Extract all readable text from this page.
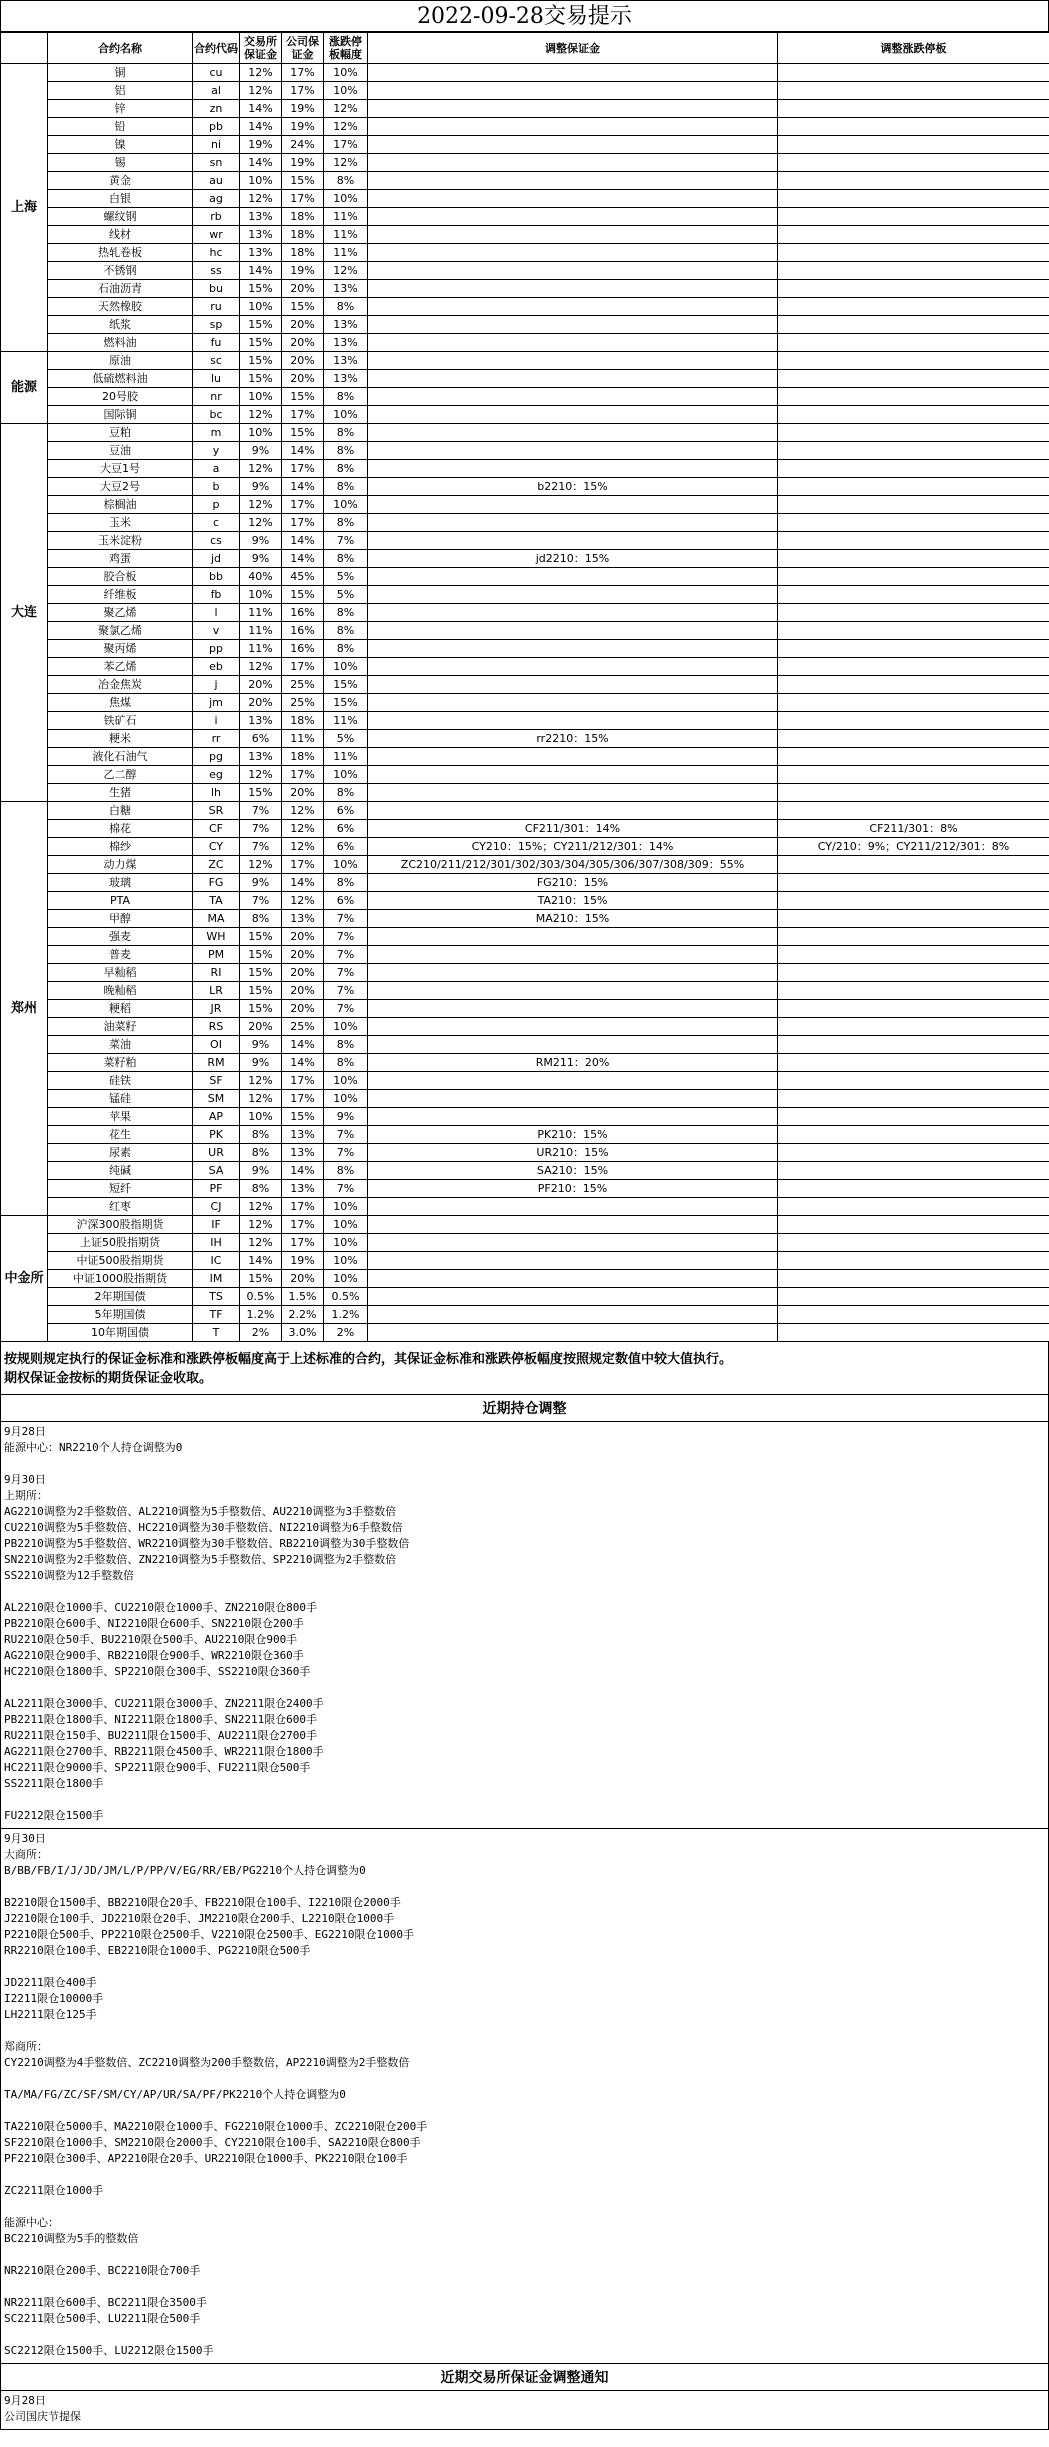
2022-09-28交易提示
	合约名称	合约代码	交易所保证金	公司保证金	涨跌停板幅度	调整保证金	调整涨跌停板
上海	铜	cu	12%	17%	10%		
	铝	al	12%	17%	10%		
	锌	zn	14%	19%	12%		
	铅	pb	14%	19%	12%		
	镍	ni	19%	24%	17%		
	锡	sn	14%	19%	12%		
	黄金	au	10%	15%	8%		
	白银	ag	12%	17%	10%		
	螺纹钢	rb	13%	18%	11%		
	线材	wr	13%	18%	11%		
	热轧卷板	hc	13%	18%	11%		
	不锈钢	ss	14%	19%	12%		
	石油沥青	bu	15%	20%	13%		
	天然橡胶	ru	10%	15%	8%		
	纸浆	sp	15%	20%	13%		
	燃料油	fu	15%	20%	13%		
能源	原油	sc	15%	20%	13%		
	低硫燃料油	lu	15%	20%	13%		
	20号胶	nr	10%	15%	8%		
	国际铜	bc	12%	17%	10%		
大连	豆粕	m	10%	15%	8%		
	豆油	y	9%	14%	8%		
	大豆1号	a	12%	17%	8%		
	大豆2号	b	9%	14%	8%	b2210：15%	
	棕榈油	p	12%	17%	10%		
	玉米	c	12%	17%	8%		
	玉米淀粉	cs	9%	14%	7%		
	鸡蛋	jd	9%	14%	8%	jd2210：15%	
	胶合板	bb	40%	45%	5%		
	纤维板	fb	10%	15%	5%		
	聚乙烯	l	11%	16%	8%		
	聚氯乙烯	v	11%	16%	8%		
	聚丙烯	pp	11%	16%	8%		
	苯乙烯	eb	12%	17%	10%		
	冶金焦炭	j	20%	25%	15%		
	焦煤	jm	20%	25%	15%		
	铁矿石	i	13%	18%	11%		
	粳米	rr	6%	11%	5%	rr2210：15%	
	液化石油气	pg	13%	18%	11%		
	乙二醇	eg	12%	17%	10%		
	生猪	lh	15%	20%	8%		
郑州	白糖	SR	7%	12%	6%		
	棉花	CF	7%	12%	6%	CF211/301：14%	CF211/301：8%
	棉纱	CY	7%	12%	6%	CY210：15%；CY211/212/301：14%	CY/210：9%；CY211/212/301：8%
	动力煤	ZC	12%	17%	10%	ZC210/211/212/301/302/303/304/305/306/307/308/309：55%	
	玻璃	FG	9%	14%	8%	FG210：15%	
	PTA	TA	7%	12%	6%	TA210：15%	
	甲醇	MA	8%	13%	7%	MA210：15%	
	强麦	WH	15%	20%	7%		
	普麦	PM	15%	20%	7%		
	早籼稻	RI	15%	20%	7%		
	晚籼稻	LR	15%	20%	7%		
	粳稻	JR	15%	20%	7%		
	油菜籽	RS	20%	25%	10%		
	菜油	OI	9%	14%	8%		
	菜籽粕	RM	9%	14%	8%	RM211：20%	
	硅铁	SF	12%	17%	10%		
	锰硅	SM	12%	17%	10%		
	苹果	AP	10%	15%	9%		
	花生	PK	8%	13%	7%	PK210：15%	
	尿素	UR	8%	13%	7%	UR210：15%	
	纯碱	SA	9%	14%	8%	SA210：15%	
	短纤	PF	8%	13%	7%	PF210：15%	
	红枣	CJ	12%	17%	10%		
中金所	沪深300股指期货	IF	12%	17%	10%		
	上证50股指期货	IH	12%	17%	10%		
	中证500股指期货	IC	14%	19%	10%		
	中证1000股指期货	IM	15%	20%	10%		
	2年期国债	TS	0.5%	1.5%	0.5%		
	5年期国债	TF	1.2%	2.2%	1.2%		
	10年期国债	T	2%	3.0%	2%		
按规则规定执行的保证金标准和涨跌停板幅度高于上述标准的合约，其保证金标准和涨跌停板幅度按照规定数值中较大值执行。
期权保证金按标的期货保证金收取。
近期持仓调整
9月28日
能源中心：NR2210个人持仓调整为0
9月30日
上期所：
AG2210调整为2手整数倍、AL2210调整为5手整数倍、AU2210调整为3手整数倍
CU2210调整为5手整数倍、HC2210调整为30手整数倍、NI2210调整为6手整数倍
PB2210调整为5手整数倍、WR2210调整为30手整数倍、RB2210调整为30手整数倍
SN2210调整为2手整数倍、ZN2210调整为5手整数倍、SP2210调整为2手整数倍
SS2210调整为12手整数倍
AL2210限仓1000手、CU2210限仓1000手、ZN2210限仓800手
PB2210限仓600手、NI2210限仓600手、SN2210限仓200手
RU2210限仓50手、BU2210限仓500手、AU2210限仓900手
AG2210限仓900手、RB2210限仓900手、WR2210限仓360手
HC2210限仓1800手、SP2210限仓300手、SS2210限仓360手
AL2211限仓3000手、CU2211限仓3000手、ZN2211限仓2400手
PB2211限仓1800手、NI2211限仓1800手、SN2211限仓600手
RU2211限仓150手、BU2211限仓1500手、AU2211限仓2700手
AG2211限仓2700手、RB2211限仓4500手、WR2211限仓1800手
HC2211限仓9000手、SP2211限仓900手、FU2211限仓500手
SS2211限仓1800手
FU2212限仓1500手
9月30日
大商所：
B/BB/FB/I/J/JD/JM/L/P/PP/V/EG/RR/EB/PG2210个人持仓调整为0
B2210限仓1500手、BB2210限仓20手、FB2210限仓100手、I2210限仓2000手
J2210限仓100手、JD2210限仓20手、JM2210限仓200手、L2210限仓1000手
P2210限仓500手、PP2210限仓2500手、V2210限仓2500手、EG2210限仓1000手
RR2210限仓100手、EB2210限仓1000手、PG2210限仓500手
JD2211限仓400手
I2211限仓10000手
LH2211限仓125手
郑商所：
CY2210调整为4手整数倍、ZC2210调整为200手整数倍，AP2210调整为2手整数倍
TA/MA/FG/ZC/SF/SM/CY/AP/UR/SA/PF/PK2210个人持仓调整为0
TA2210限仓5000手、MA2210限仓1000手、FG2210限仓1000手、ZC2210限仓200手
SF2210限仓1000手、SM2210限仓2000手、CY2210限仓100手、SA2210限仓800手
PF2210限仓300手、AP2210限仓20手、UR2210限仓1000手、PK2210限仓100手
ZC2211限仓1000手
能源中心：
BC2210调整为5手的整数倍
NR2210限仓200手、BC2210限仓700手
NR2211限仓600手、BC2211限仓3500手
SC2211限仓500手、LU2211限仓500手
SC2212限仓1500手、LU2212限仓1500手
近期交易所保证金调整通知
9月28日
公司国庆节提保
